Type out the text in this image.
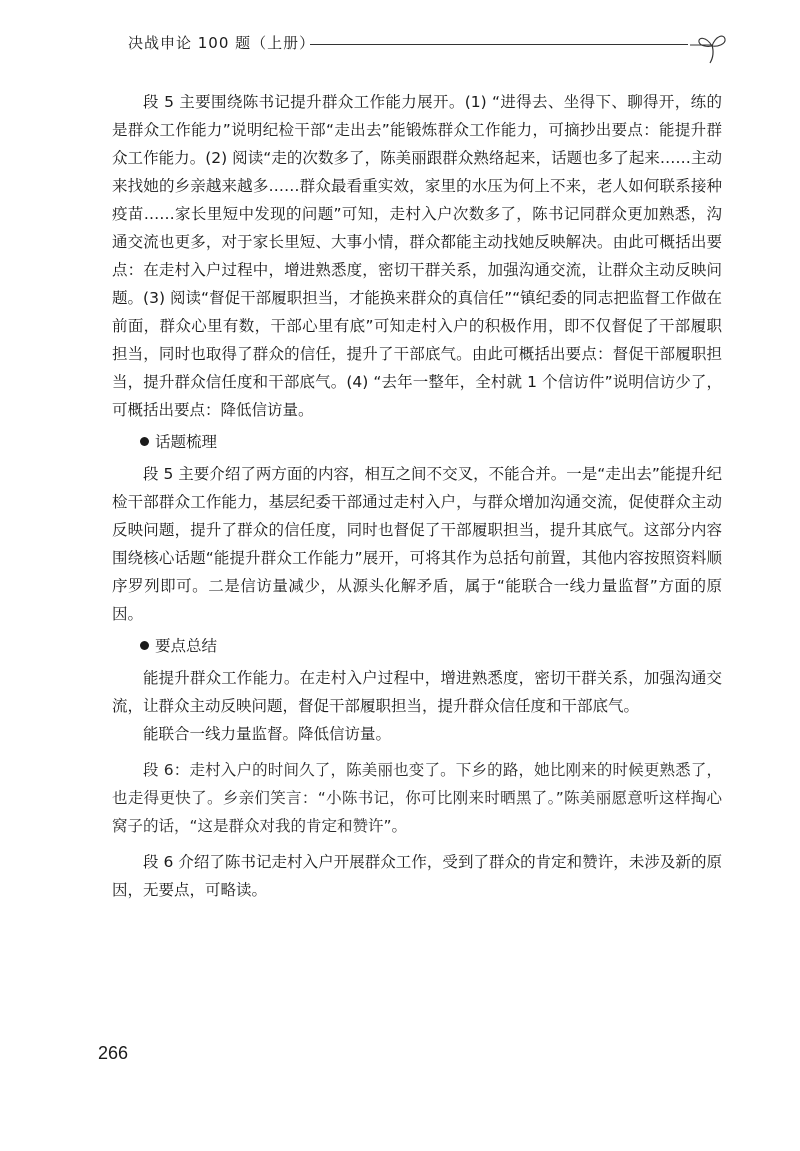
决战申论 100 题（上册）

段 5 主要围绕陈书记提升群众工作能力展开。(1) “进得去、坐得下、聊得开，练的是群众工作能力”说明纪检干部“走出去”能锻炼群众工作能力，可摘抄出要点：能提升群众工作能力。(2) 阅读“走的次数多了，陈美丽跟群众熟络起来，话题也多了起来……主动来找她的乡亲越来越多……群众最看重实效，家里的水压为何上不来，老人如何联系接种疫苗……家长里短中发现的问题”可知，走村入户次数多了，陈书记同群众更加熟悉，沟通交流也更多，对于家长里短、大事小情，群众都能主动找她反映解决。由此可概括出要点：在走村入户过程中，增进熟悉度，密切干群关系，加强沟通交流，让群众主动反映问题。(3) 阅读“督促干部履职担当，才能换来群众的真信任”“镇纪委的同志把监督工作做在前面，群众心里有数，干部心里有底”可知走村入户的积极作用，即不仅督促了干部履职担当，同时也取得了群众的信任，提升了干部底气。由此可概括出要点：督促干部履职担当，提升群众信任度和干部底气。(4) “去年一整年，全村就 1 个信访件”说明信访少了，可概括出要点：降低信访量。

话题梳理

段 5 主要介绍了两方面的内容，相互之间不交叉，不能合并。一是“走出去”能提升纪检干部群众工作能力，基层纪委干部通过走村入户，与群众增加沟通交流，促使群众主动反映问题，提升了群众的信任度，同时也督促了干部履职担当，提升其底气。这部分内容围绕核心话题“能提升群众工作能力”展开，可将其作为总括句前置，其他内容按照资料顺序罗列即可。二是信访量减少，从源头化解矛盾，属于“能联合一线力量监督”方面的原因。

要点总结

能提升群众工作能力。在走村入户过程中，增进熟悉度，密切干群关系，加强沟通交流，让群众主动反映问题，督促干部履职担当，提升群众信任度和干部底气。

能联合一线力量监督。降低信访量。

段 6：走村入户的时间久了，陈美丽也变了。下乡的路，她比刚来的时候更熟悉了，也走得更快了。乡亲们笑言：“小陈书记，你可比刚来时晒黑了。”陈美丽愿意听这样掏心窝子的话，“这是群众对我的肯定和赞许”。

段 6 介绍了陈书记走村入户开展群众工作，受到了群众的肯定和赞许，未涉及新的原因，无要点，可略读。

266
